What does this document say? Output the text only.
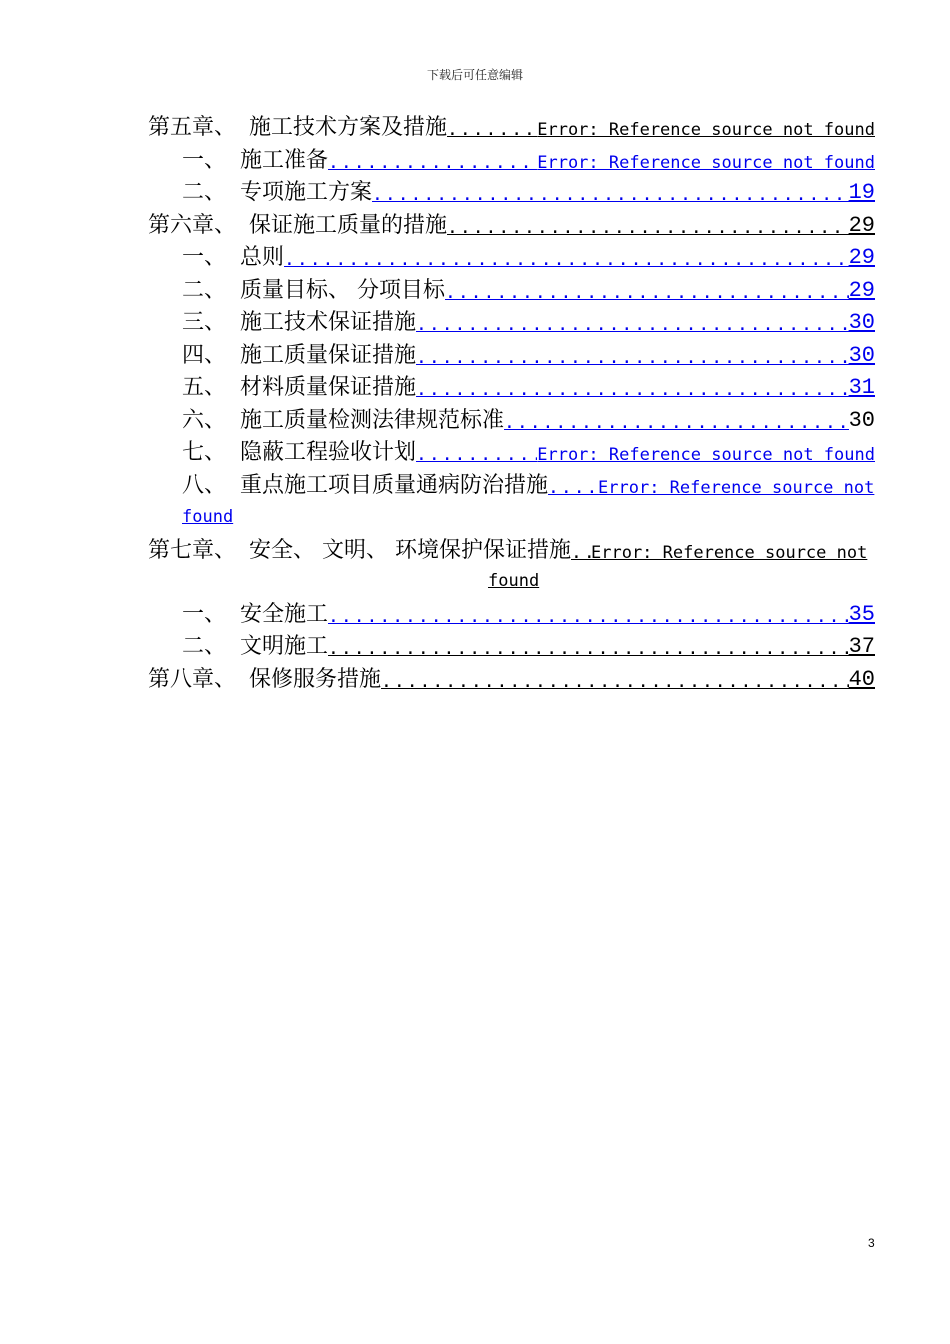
下载后可任意编辑
第五章、 施工技术方案及措施 .....	Error: Reference source not found
一、 施工准备 .....	Error: Reference source not found
二、 专项施工方案 .....	19
第六章、 保证施工质量的措施 .....	29
一、 总则 .....	29
二、 质量目标、 分项目标 .....	29
三、 施工技术保证措施 .....	30
四、 施工质量保证措施 .....	30
五、 材料质量保证措施 .....	31
六、 施工质量检测法律规范标准 .....	30
七、 隐蔽工程验收计划 .....	Error: Reference source not found
八、 重点施工项目质量通病防治措施 .....	Error: Reference source not
found
第七章、 安全、 文明、 环境保护保证措施 ..... Error: Reference source not
found
一、 安全施工 .....	35
二、 文明施工 .....	37
第八章、 保修服务措施 .....	40
3
